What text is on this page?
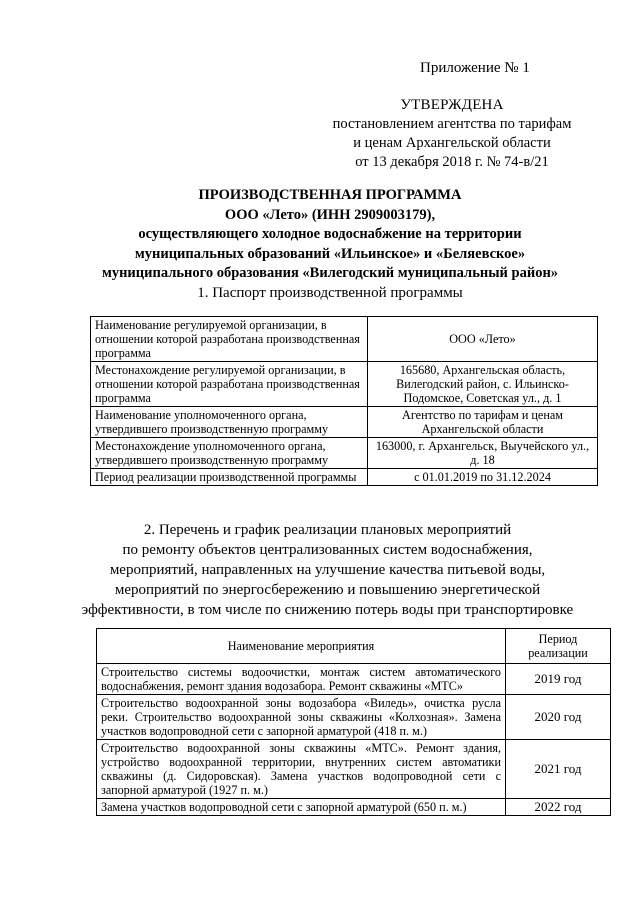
Приложение № 1
УТВЕРЖДЕНА
постановлением агентства по тарифам
и ценам Архангельской области
от 13 декабря 2018 г. № 74-в/21
ПРОИЗВОДСТВЕННАЯ ПРОГРАММА
ООО «Лето» (ИНН 2909003179),
осуществляющего холодное водоснабжение на территории
муниципальных образований «Ильинское» и «Беляевское»
муниципального образования «Вилегодский муниципальный район»
1. Паспорт производственной программы
Наименование регулируемой организации, в отношении которой разработана производственная программа	ООО «Лето»
Местонахождение регулируемой организации, в отношении которой разработана производственная программа	165680, Архангельская область, Вилегодский район, с. Ильинско-Подомское, Советская ул., д. 1
Наименование уполномоченного органа, утвердившего производственную программу	Агентство по тарифам и ценам Архангельской области
Местонахождение уполномоченного органа, утвердившего производственную программу	163000, г. Архангельск, Выучейского ул., д. 18
Период реализации производственной программы	с 01.01.2019 по 31.12.2024
2. Перечень и график реализации плановых мероприятий
по ремонту объектов централизованных систем водоснабжения,
мероприятий, направленных на улучшение качества питьевой воды,
мероприятий по энергосбережению и повышению энергетической
эффективности, в том числе по снижению потерь воды при транспортировке
Наименование мероприятия	Период реализации
Строительство системы водоочистки, монтаж систем автоматического водоснабжения, ремонт здания водозабора. Ремонт скважины «МТС»	2019 год
Строительство водоохранной зоны водозабора «Виледь», очистка русла реки. Строительство водоохранной зоны скважины «Колхозная». Замена участков водопроводной сети с запорной арматурой (418 п. м.)	2020 год
Строительство водоохранной зоны скважины «МТС». Ремонт здания, устройство водоохранной территории, внутренних систем автоматики скважины (д. Сидоровская). Замена участков водопроводной сети с запорной арматурой (1927 п. м.)	2021 год
Замена участков водопроводной сети с запорной арматурой (650 п. м.)	2022 год
